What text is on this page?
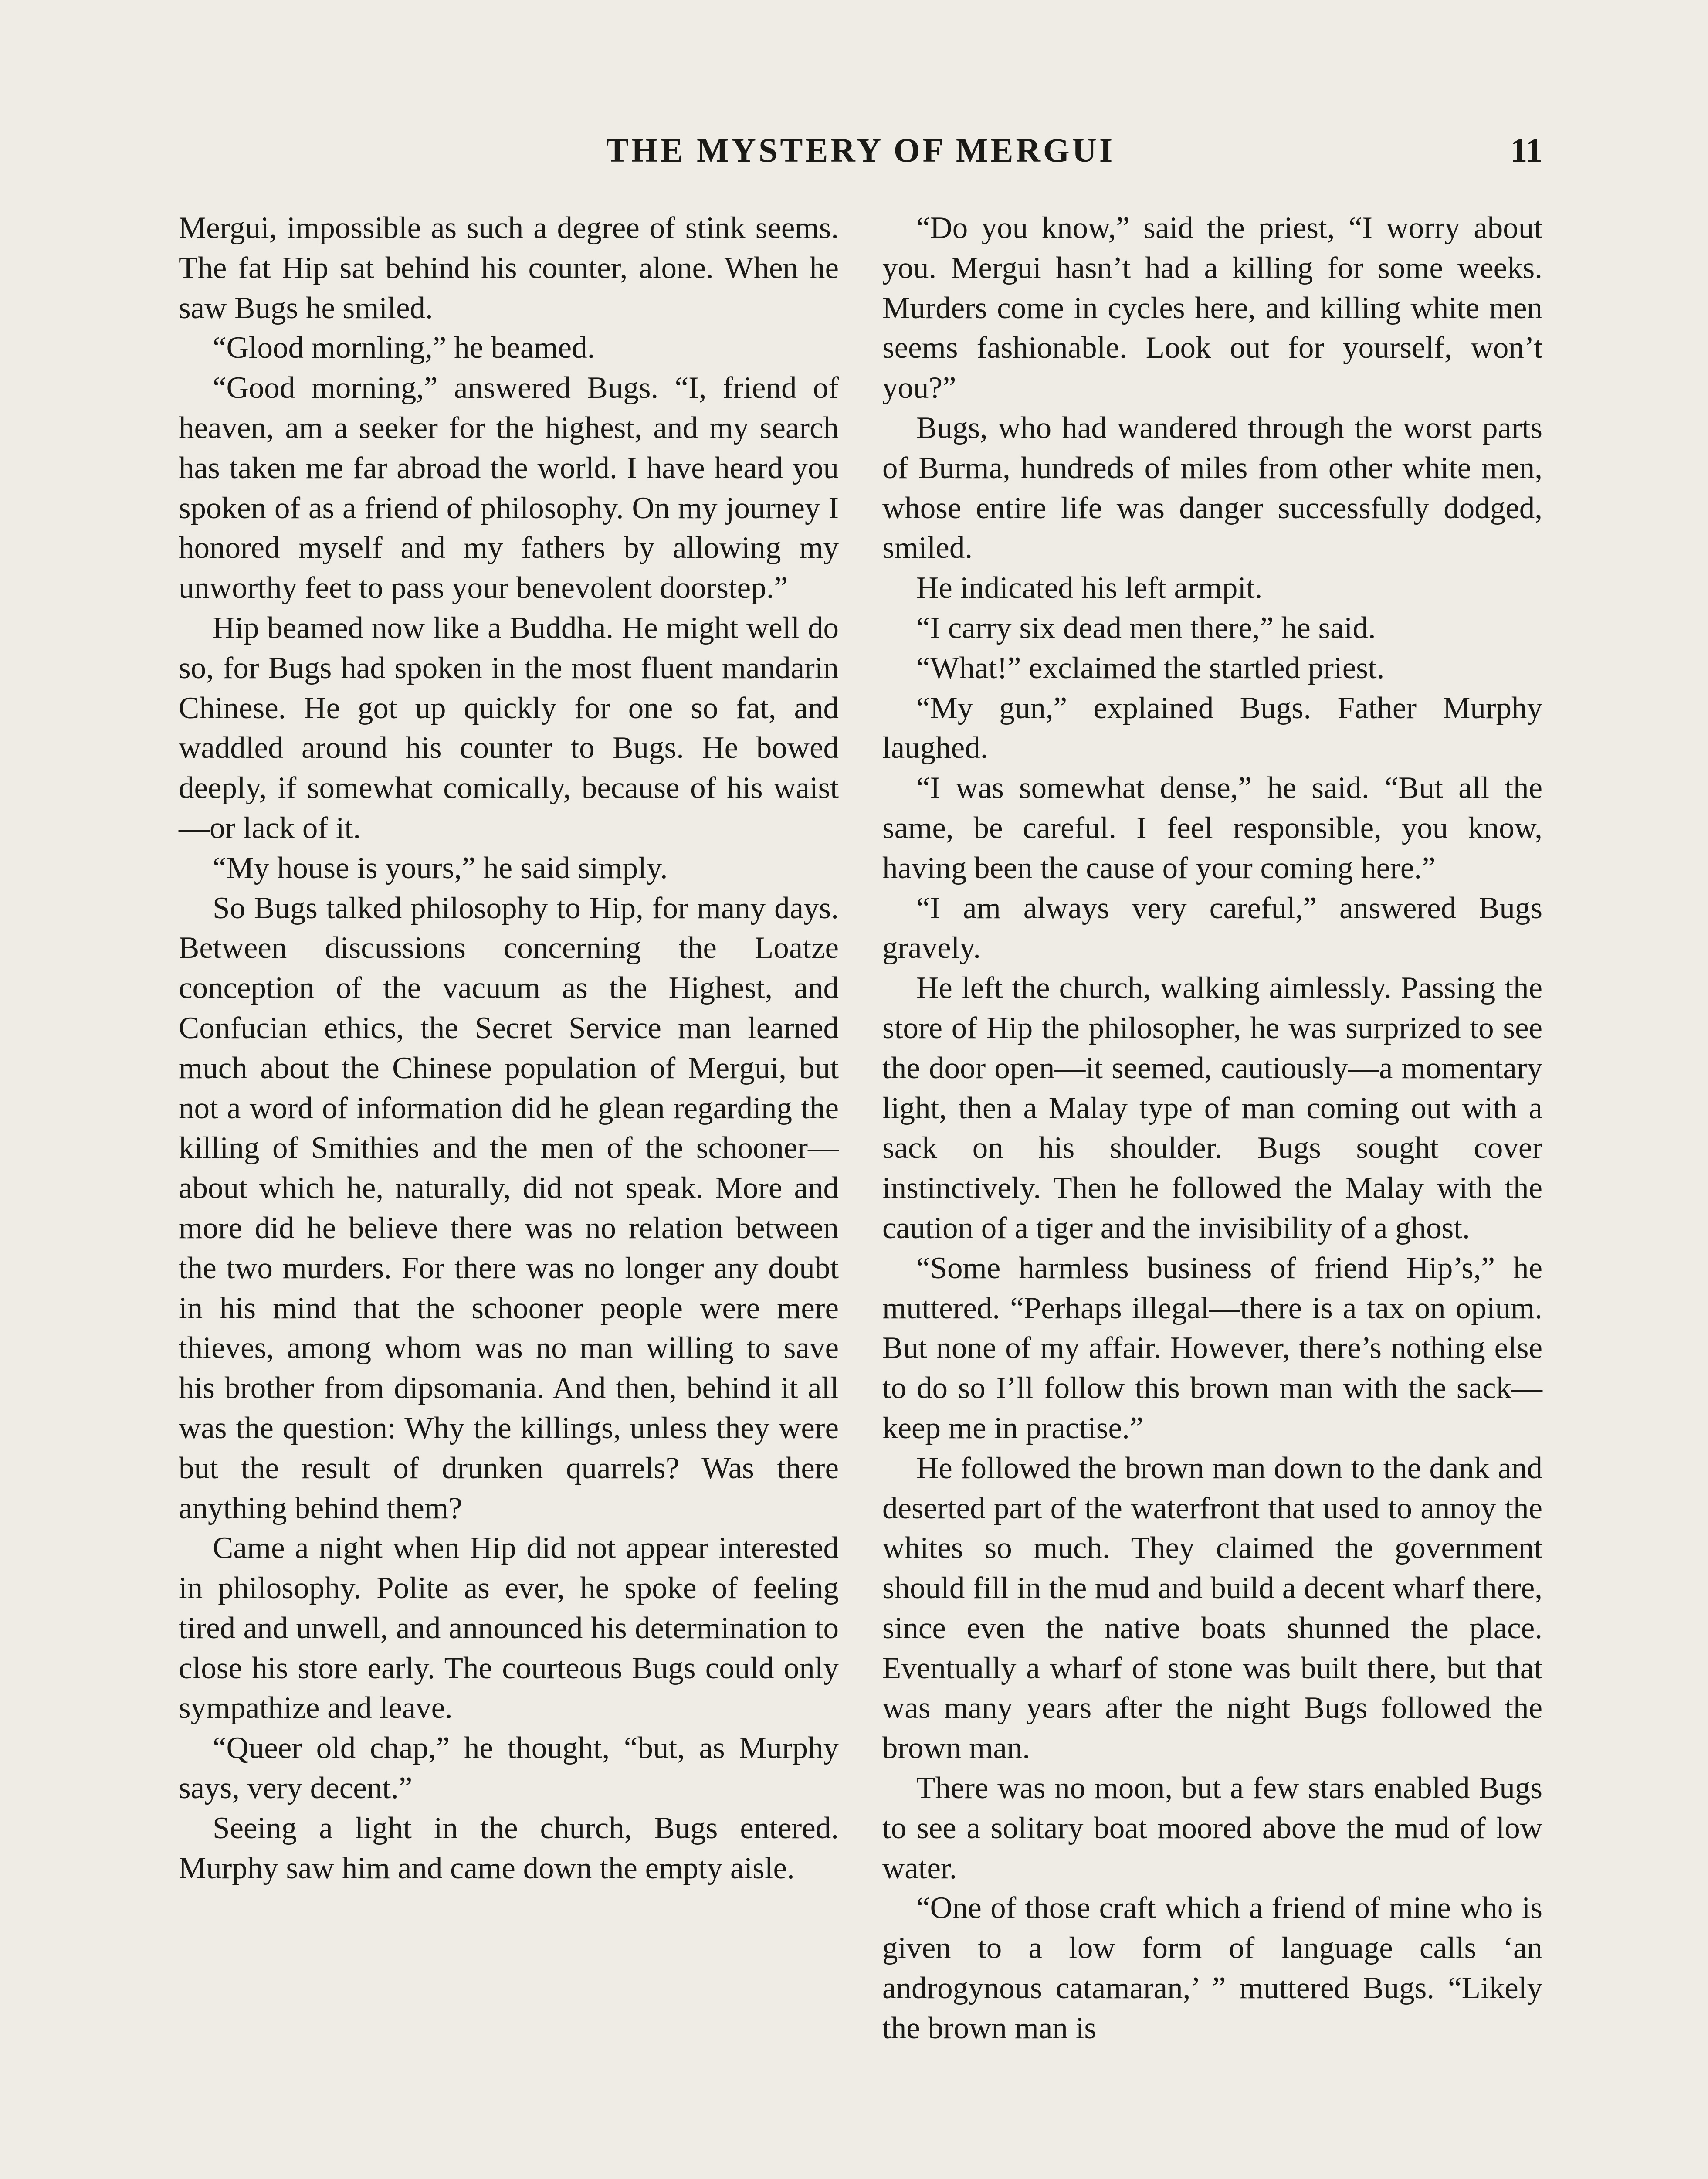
THE MYSTERY OF MERGUI	11

Mergui, impossible as such a degree of stink seems. The fat Hip sat behind his counter, alone. When he saw Bugs he smiled.

“Glood mornling,” he beamed.

“Good morning,” answered Bugs. “I, friend of heaven, am a seeker for the highest, and my search has taken me far abroad the world. I have heard you spoken of as a friend of philosophy. On my journey I honored myself and my fathers by allowing my unworthy feet to pass your benevolent doorstep.”

Hip beamed now like a Buddha. He might well do so, for Bugs had spoken in the most fluent mandarin Chinese. He got up quickly for one so fat, and waddled around his counter to Bugs. He bowed deeply, if somewhat comically, because of his waist—or lack of it.

“My house is yours,” he said simply.

So Bugs talked philosophy to Hip, for many days. Between discussions concerning the Loatze conception of the vacuum as the Highest, and Confucian ethics, the Secret Service man learned much about the Chinese population of Mergui, but not a word of information did he glean regarding the killing of Smithies and the men of the schooner—about which he, naturally, did not speak. More and more did he believe there was no relation between the two murders. For there was no longer any doubt in his mind that the schooner people were mere thieves, among whom was no man willing to save his brother from dipsomania. And then, behind it all was the question: Why the killings, unless they were but the result of drunken quarrels? Was there anything behind them?

Came a night when Hip did not appear interested in philosophy. Polite as ever, he spoke of feeling tired and unwell, and announced his determination to close his store early. The courteous Bugs could only sympathize and leave.

“Queer old chap,” he thought, “but, as Murphy says, very decent.”

Seeing a light in the church, Bugs entered. Murphy saw him and came down the empty aisle.

“Do you know,” said the priest, “I worry about you. Mergui hasn’t had a killing for some weeks. Murders come in cycles here, and killing white men seems fashionable. Look out for yourself, won’t you?”

Bugs, who had wandered through the worst parts of Burma, hundreds of miles from other white men, whose entire life was danger successfully dodged, smiled.

He indicated his left armpit.

“I carry six dead men there,” he said.

“What!” exclaimed the startled priest.

“My gun,” explained Bugs. Father Murphy laughed.

“I was somewhat dense,” he said. “But all the same, be careful. I feel responsible, you know, having been the cause of your coming here.”

“I am always very careful,” answered Bugs gravely.

He left the church, walking aimlessly. Passing the store of Hip the philosopher, he was surprized to see the door open—it seemed, cautiously—a momentary light, then a Malay type of man coming out with a sack on his shoulder. Bugs sought cover instinctively. Then he followed the Malay with the caution of a tiger and the invisibility of a ghost.

“Some harmless business of friend Hip’s,” he muttered. “Perhaps illegal—there is a tax on opium. But none of my affair. However, there’s nothing else to do so I’ll follow this brown man with the sack—keep me in practise.”

He followed the brown man down to the dank and deserted part of the waterfront that used to annoy the whites so much. They claimed the government should fill in the mud and build a decent wharf there, since even the native boats shunned the place. Eventually a wharf of stone was built there, but that was many years after the night Bugs followed the brown man.

There was no moon, but a few stars enabled Bugs to see a solitary boat moored above the mud of low water.

“One of those craft which a friend of mine who is given to a low form of language calls ‘an androgynous catamaran,’ ” muttered Bugs. “Likely the brown man is
